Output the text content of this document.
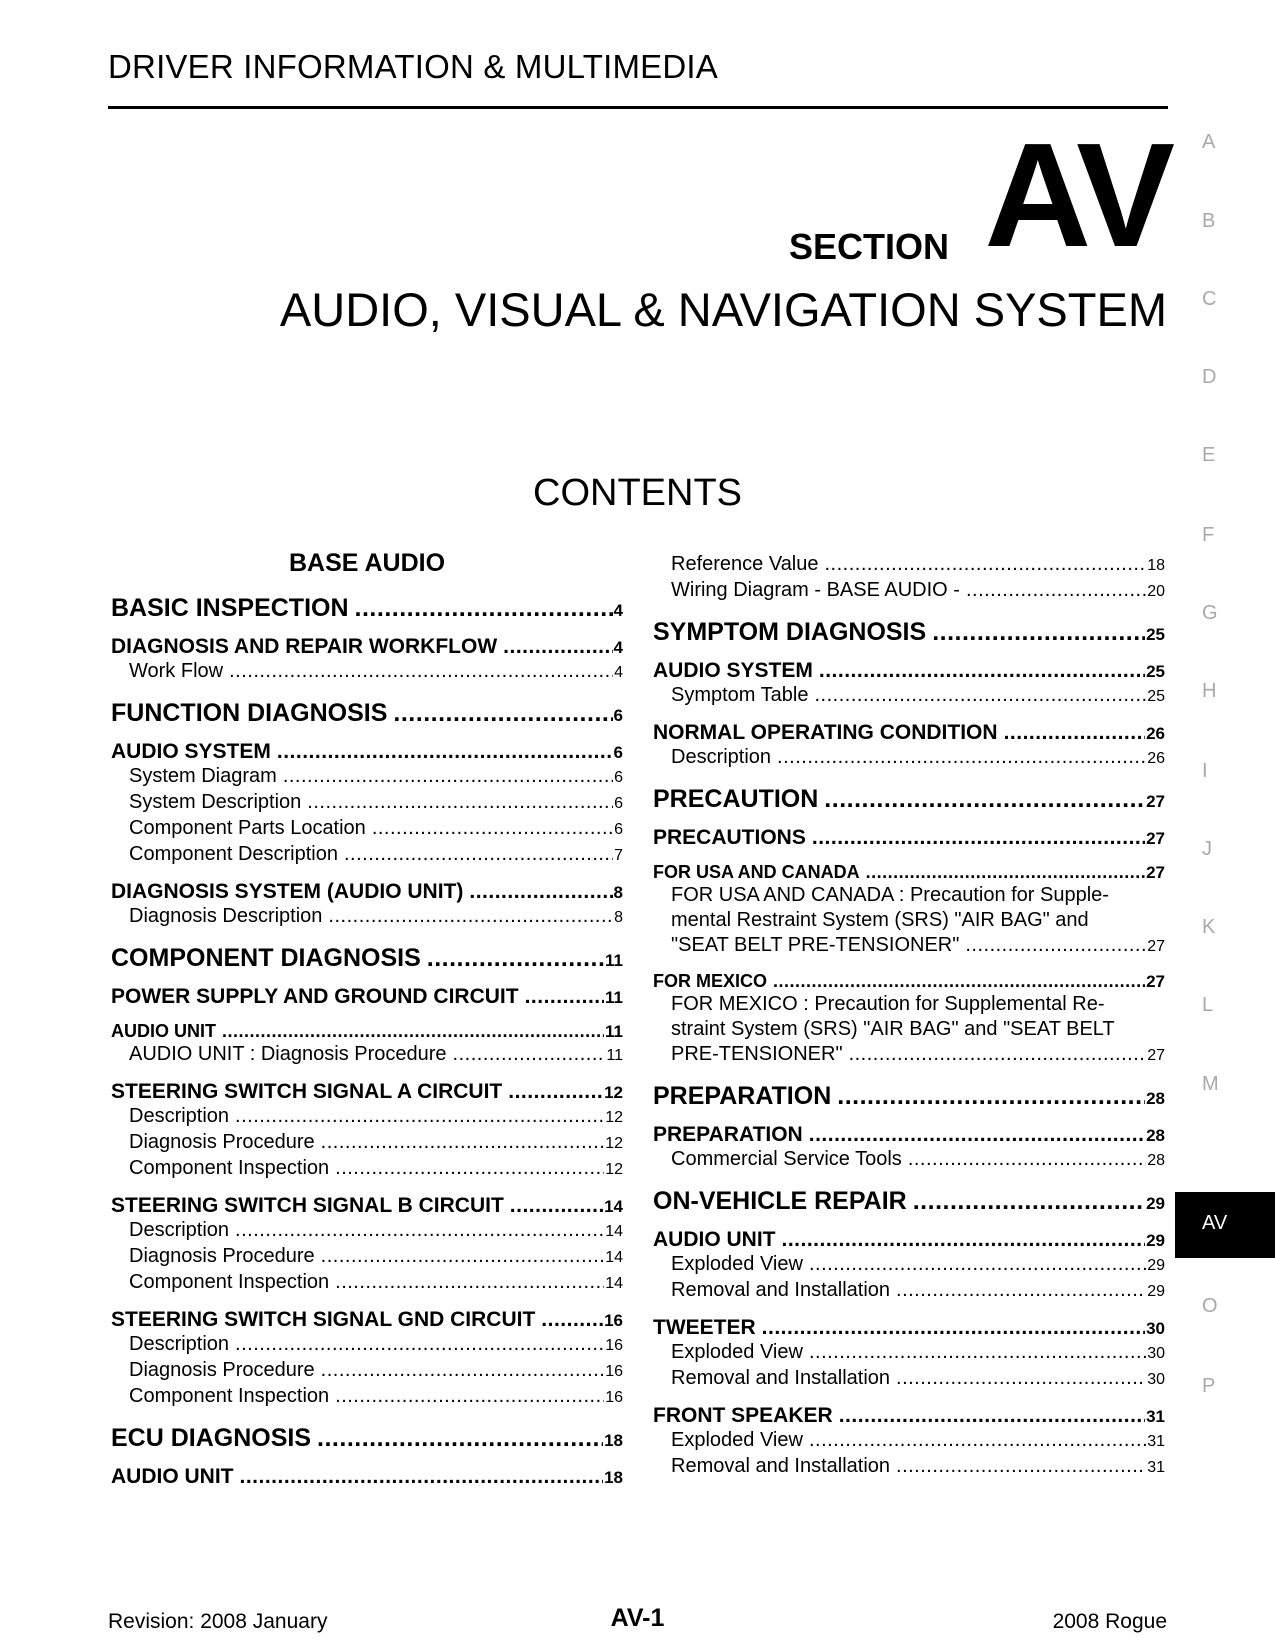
DRIVER INFORMATION & MULTIMEDIA
SECTION AV
AUDIO, VISUAL & NAVIGATION SYSTEM
CONTENTS
A
B
C
D
E
F
G
H
I
J
K
L
M
AV
O
P
BASE AUDIO
BASIC INSPECTION .....	4
DIAGNOSIS AND REPAIR WORKFLOW .....	4
Work Flow .....	4
FUNCTION DIAGNOSIS .....	6
AUDIO SYSTEM .....	6
System Diagram .....	6
System Description .....	6
Component Parts Location .....	6
Component Description .....	7
DIAGNOSIS SYSTEM (AUDIO UNIT) .....	8
Diagnosis Description .....	8
COMPONENT DIAGNOSIS .....	11
POWER SUPPLY AND GROUND CIRCUIT .....	11
AUDIO UNIT .....	11
AUDIO UNIT : Diagnosis Procedure .....	11
STEERING SWITCH SIGNAL A CIRCUIT .....	12
Description .....	12
Diagnosis Procedure .....	12
Component Inspection .....	12
STEERING SWITCH SIGNAL B CIRCUIT .....	14
Description .....	14
Diagnosis Procedure .....	14
Component Inspection .....	14
STEERING SWITCH SIGNAL GND CIRCUIT .....	16
Description .....	16
Diagnosis Procedure .....	16
Component Inspection .....	16
ECU DIAGNOSIS .....	18
AUDIO UNIT .....	18
Reference Value .....	18
Wiring Diagram - BASE AUDIO - .....	20
SYMPTOM DIAGNOSIS .....	25
AUDIO SYSTEM .....	25
Symptom Table .....	25
NORMAL OPERATING CONDITION .....	26
Description .....	26
PRECAUTION .....	27
PRECAUTIONS .....	27
FOR USA AND CANADA .....	27
FOR USA AND CANADA : Precaution for Supple-
mental Restraint System (SRS) "AIR BAG" and
"SEAT BELT PRE-TENSIONER" .....	27
FOR MEXICO .....	27
FOR MEXICO : Precaution for Supplemental Re-
straint System (SRS) "AIR BAG" and "SEAT BELT
PRE-TENSIONER" .....	27
PREPARATION .....	28
PREPARATION .....	28
Commercial Service Tools .....	28
ON-VEHICLE REPAIR .....	29
AUDIO UNIT .....	29
Exploded View .....	29
Removal and Installation .....	29
TWEETER .....	30
Exploded View .....	30
Removal and Installation .....	30
FRONT SPEAKER .....	31
Exploded View .....	31
Removal and Installation .....	31
Revision: 2008 January	AV-1	2008 Rogue
